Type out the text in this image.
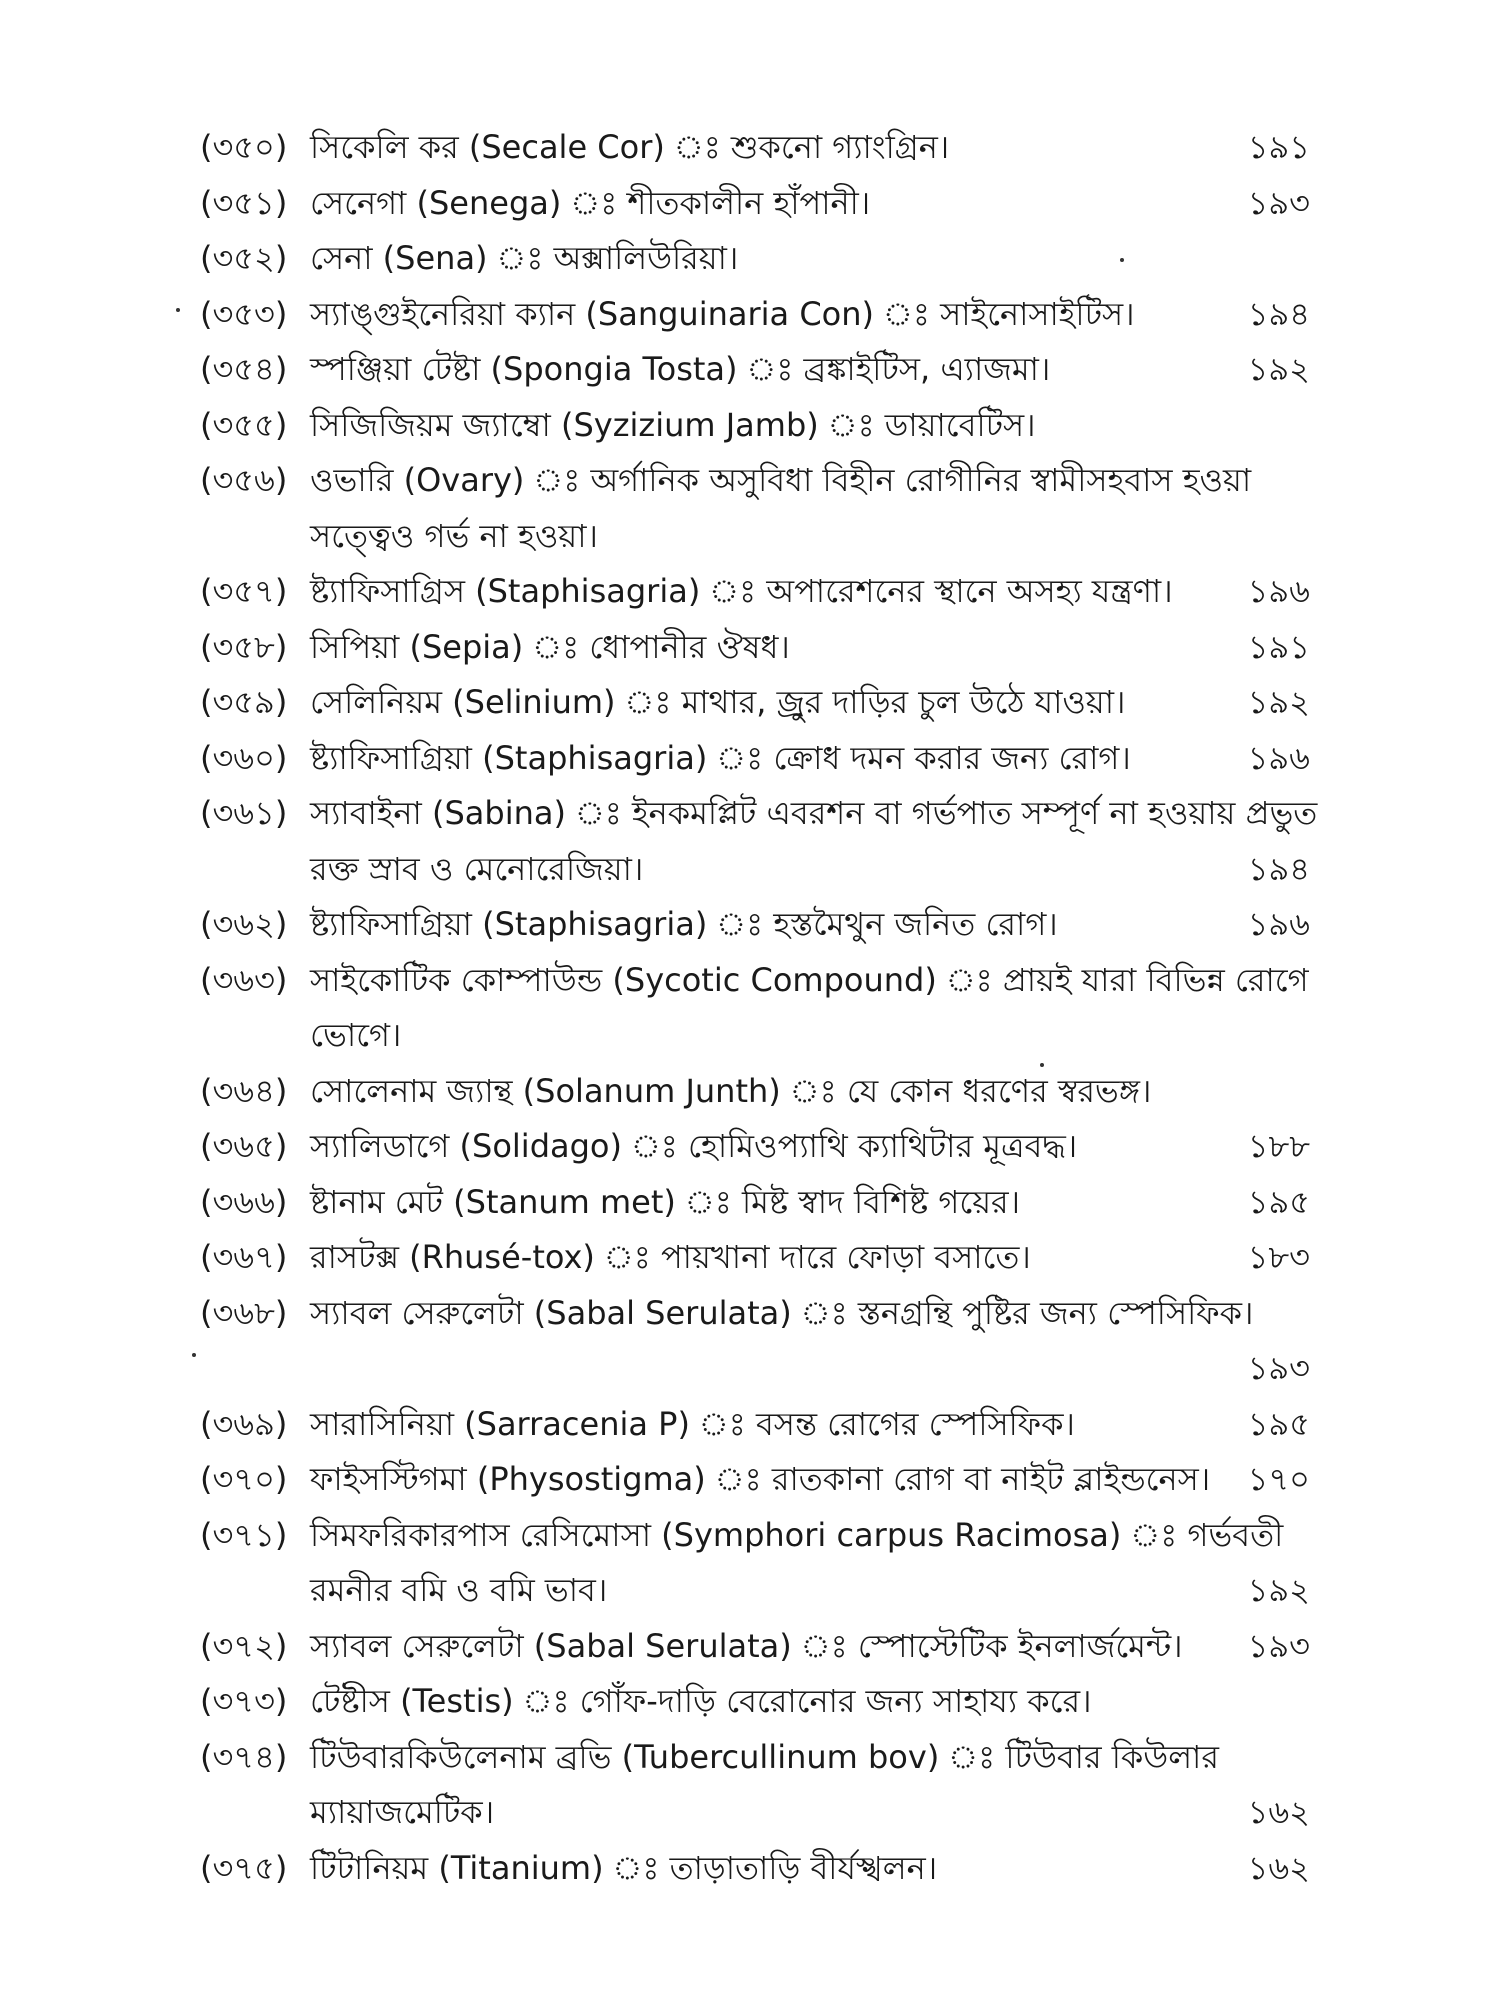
(৩৫০) সিকেলি কর (Secale Cor) ঃ শুকনো গ্যাংগ্রিন।	১৯১
(৩৫১) সেনেগা (Senega) ঃ শীতকালীন হাঁপানী।	১৯৩
(৩৫২) সেনা (Sena) ঃ অক্সালিউরিয়া।
(৩৫৩) স্যাঙ্গুইনেরিয়া ক্যান (Sanguinaria Con) ঃ সাইনোসাইটিস।	১৯৪
(৩৫৪) স্পঞ্জিয়া টেষ্টা (Spongia Tosta) ঃ ব্রঙ্কাইটিস, এ্যাজমা।	১৯২
(৩৫৫) সিজিজিয়ম জ্যাম্বো (Syzizium Jamb) ঃ ডায়াবেটিস।
(৩৫৬) ওভারি (Ovary) ঃ অর্গানিক অসুবিধা বিহীন রোগীনির স্বামীসহবাস হওয়া
সত্ত্বেও গর্ভ না হওয়া।
(৩৫৭) ষ্ট্যাফিসাগ্রিস (Staphisagria) ঃ অপারেশনের স্থানে অসহ্য যন্ত্রণা।	১৯৬
(৩৫৮) সিপিয়া (Sepia) ঃ ধোপানীর ঔষধ।	১৯১
(৩৫৯) সেলিনিয়ম (Selinium) ঃ মাথার, জ্রুর দাড়ির চুল উঠে যাওয়া।	১৯২
(৩৬০) ষ্ট্যাফিসাগ্রিয়া (Staphisagria) ঃ ক্রোধ দমন করার জন্য রোগ।	১৯৬
(৩৬১) স্যাবাইনা (Sabina) ঃ ইনকমপ্লিট এবরশন বা গর্ভপাত সম্পূর্ণ না হওয়ায় প্রভুত
রক্ত স্রাব ও মেনোরেজিয়া।	১৯৪
(৩৬২) ষ্ট্যাফিসাগ্রিয়া (Staphisagria) ঃ হস্তমৈথুন জনিত রোগ।	১৯৬
(৩৬৩) সাইকোটিক কোম্পাউন্ড (Sycotic Compound) ঃ প্রায়ই যারা বিভিন্ন রোগে
ভোগে।
(৩৬৪) সোলেনাম জ্যান্থ (Solanum Junth) ঃ যে কোন ধরণের স্বরভঙ্গ।
(৩৬৫) স্যালিডাগে (Solidago) ঃ হোমিওপ্যাথি ক্যাথিটার মূত্রবদ্ধ।	১৮৮
(৩৬৬) ষ্টানাম মেট (Stanum met) ঃ মিষ্ট স্বাদ বিশিষ্ট গয়ের।	১৯৫
(৩৬৭) রাসটক্স (Rhusé-tox) ঃ পায়খানা দারে ফোড়া বসাতে।	১৮৩
(৩৬৮) স্যাবল সেরুলেটা (Sabal Serulata) ঃ স্তনগ্রন্থি পুষ্টির জন্য স্পেসিফিক।
১৯৩
(৩৬৯) সারাসিনিয়া (Sarracenia P) ঃ বসন্ত রোগের স্পেসিফিক।	১৯৫
(৩৭০) ফাইসস্টিগমা (Physostigma) ঃ রাতকানা রোগ বা নাইট ব্লাইন্ডনেস।	১৭০
(৩৭১) সিমফরিকারপাস রেসিমোসা (Symphori carpus Racimosa) ঃ গর্ভবতী
রমনীর বমি ও বমি ভাব।	১৯২
(৩৭২) স্যাবল সেরুলেটা (Sabal Serulata) ঃ স্পোস্টেটিক ইনলার্জমেন্ট।	১৯৩
(৩৭৩) টেষ্টীস (Testis) ঃ গোঁফ-দাড়ি বেরোনোর জন্য সাহায্য করে।
(৩৭৪) টিউবারকিউলেনাম ব্রভি (Tubercullinum bov) ঃ টিউবার কিউলার
ম্যায়াজমেটিক।	১৬২
(৩৭৫) টিটানিয়ম (Titanium) ঃ তাড়াতাড়ি বীর্যস্খলন।	১৬২
